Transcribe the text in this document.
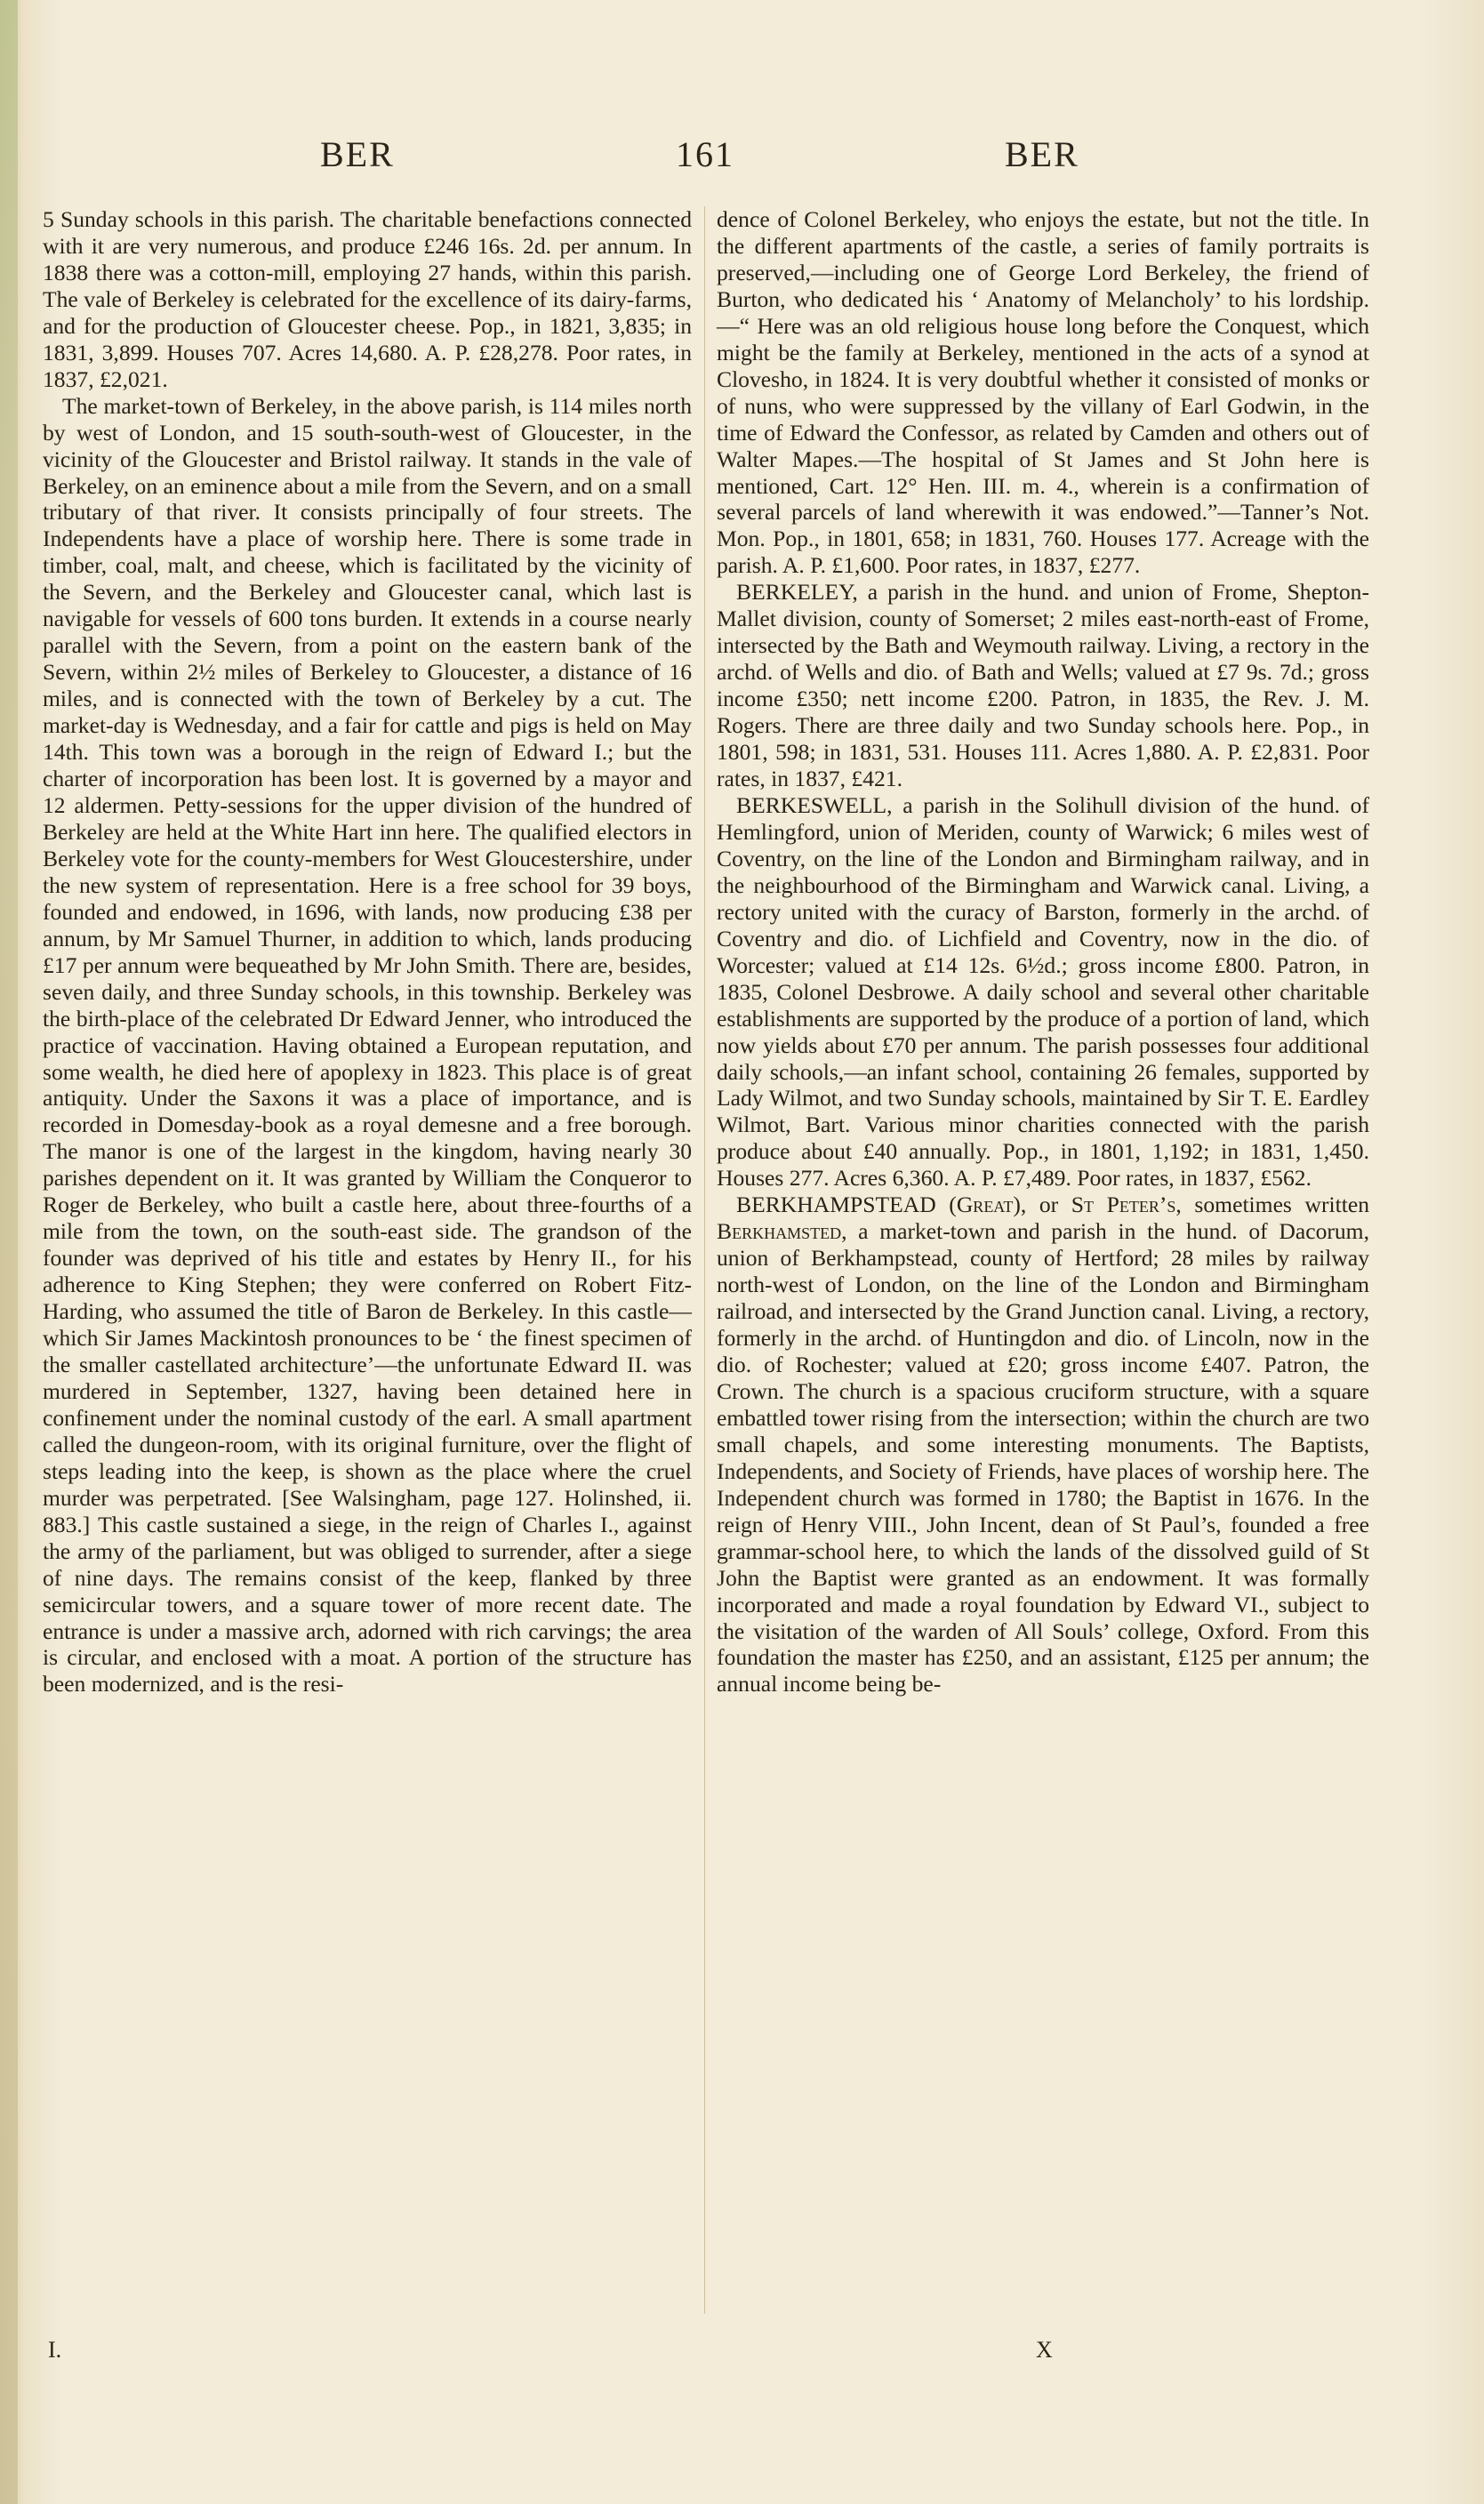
BER	161	BER

5 Sunday schools in this parish. The charitable benefactions connected with it are very numerous, and produce £246 16s. 2d. per annum. In 1838 there was a cotton-mill, employing 27 hands, within this parish. The vale of Berkeley is celebrated for the excellence of its dairy-farms, and for the production of Gloucester cheese. Pop., in 1821, 3,835; in 1831, 3,899. Houses 707. Acres 14,680. A. P. £28,278. Poor rates, in 1837, £2,021.

The market-town of Berkeley, in the above parish, is 114 miles north by west of London, and 15 south-south-west of Gloucester, in the vicinity of the Gloucester and Bristol railway. It stands in the vale of Berkeley, on an eminence about a mile from the Severn, and on a small tributary of that river. It consists principally of four streets. The Independents have a place of worship here. There is some trade in timber, coal, malt, and cheese, which is facilitated by the vicinity of the Severn, and the Berkeley and Gloucester canal, which last is navigable for vessels of 600 tons burden. It extends in a course nearly parallel with the Severn, from a point on the eastern bank of the Severn, within 2½ miles of Berkeley to Gloucester, a distance of 16 miles, and is connected with the town of Berkeley by a cut. The market-day is Wednesday, and a fair for cattle and pigs is held on May 14th. This town was a borough in the reign of Edward I.; but the charter of incorporation has been lost. It is governed by a mayor and 12 aldermen. Petty-sessions for the upper division of the hundred of Berkeley are held at the White Hart inn here. The qualified electors in Berkeley vote for the county-members for West Gloucestershire, under the new system of representation. Here is a free school for 39 boys, founded and endowed, in 1696, with lands, now producing £38 per annum, by Mr Samuel Thurner, in addition to which, lands producing £17 per annum were bequeathed by Mr John Smith. There are, besides, seven daily, and three Sunday schools, in this township. Berkeley was the birth-place of the celebrated Dr Edward Jenner, who introduced the practice of vaccination. Having obtained a European reputation, and some wealth, he died here of apoplexy in 1823. This place is of great antiquity. Under the Saxons it was a place of importance, and is recorded in Domesday-book as a royal demesne and a free borough. The manor is one of the largest in the kingdom, having nearly 30 parishes dependent on it. It was granted by William the Conqueror to Roger de Berkeley, who built a castle here, about three-fourths of a mile from the town, on the south-east side. The grandson of the founder was deprived of his title and estates by Henry II., for his adherence to King Stephen; they were conferred on Robert Fitz-Harding, who assumed the title of Baron de Berkeley. In this castle—which Sir James Mackintosh pronounces to be ‘ the finest specimen of the smaller castellated architecture’—the unfortunate Edward II. was murdered in September, 1327, having been detained here in confinement under the nominal custody of the earl. A small apartment called the dungeon-room, with its original furniture, over the flight of steps leading into the keep, is shown as the place where the cruel murder was perpetrated. [See Walsingham, page 127. Holinshed, ii. 883.] This castle sustained a siege, in the reign of Charles I., against the army of the parliament, but was obliged to surrender, after a siege of nine days. The remains consist of the keep, flanked by three semicircular towers, and a square tower of more recent date. The entrance is under a massive arch, adorned with rich carvings; the area is circular, and enclosed with a moat. A portion of the structure has been modernized, and is the resi-

dence of Colonel Berkeley, who enjoys the estate, but not the title. In the different apartments of the castle, a series of family portraits is preserved,—including one of George Lord Berkeley, the friend of Burton, who dedicated his ‘ Anatomy of Melancholy’ to his lordship.—“ Here was an old religious house long before the Conquest, which might be the family at Berkeley, mentioned in the acts of a synod at Clovesho, in 1824. It is very doubtful whether it consisted of monks or of nuns, who were suppressed by the villany of Earl Godwin, in the time of Edward the Confessor, as related by Camden and others out of Walter Mapes.—The hospital of St James and St John here is mentioned, Cart. 12° Hen. III. m. 4., wherein is a confirmation of several parcels of land wherewith it was endowed.”—Tanner’s Not. Mon. Pop., in 1801, 658; in 1831, 760. Houses 177. Acreage with the parish. A. P. £1,600. Poor rates, in 1837, £277.

BERKELEY, a parish in the hund. and union of Frome, Shepton-Mallet division, county of Somerset; 2 miles east-north-east of Frome, intersected by the Bath and Weymouth railway. Living, a rectory in the archd. of Wells and dio. of Bath and Wells; valued at £7 9s. 7d.; gross income £350; nett income £200. Patron, in 1835, the Rev. J. M. Rogers. There are three daily and two Sunday schools here. Pop., in 1801, 598; in 1831, 531. Houses 111. Acres 1,880. A. P. £2,831. Poor rates, in 1837, £421.

BERKESWELL, a parish in the Solihull division of the hund. of Hemlingford, union of Meriden, county of Warwick; 6 miles west of Coventry, on the line of the London and Birmingham railway, and in the neighbourhood of the Birmingham and Warwick canal. Living, a rectory united with the curacy of Barston, formerly in the archd. of Coventry and dio. of Lichfield and Coventry, now in the dio. of Worcester; valued at £14 12s. 6½d.; gross income £800. Patron, in 1835, Colonel Desbrowe. A daily school and several other charitable establishments are supported by the produce of a portion of land, which now yields about £70 per annum. The parish possesses four additional daily schools,—an infant school, containing 26 females, supported by Lady Wilmot, and two Sunday schools, maintained by Sir T. E. Eardley Wilmot, Bart. Various minor charities connected with the parish produce about £40 annually. Pop., in 1801, 1,192; in 1831, 1,450. Houses 277. Acres 6,360. A. P. £7,489. Poor rates, in 1837, £562.

BERKHAMPSTEAD (Great), or St Peter’s, sometimes written Berkhamsted, a market-town and parish in the hund. of Dacorum, union of Berkhampstead, county of Hertford; 28 miles by railway north-west of London, on the line of the London and Birmingham railroad, and intersected by the Grand Junction canal. Living, a rectory, formerly in the archd. of Huntingdon and dio. of Lincoln, now in the dio. of Rochester; valued at £20; gross income £407. Patron, the Crown. The church is a spacious cruciform structure, with a square embattled tower rising from the intersection; within the church are two small chapels, and some interesting monuments. The Baptists, Independents, and Society of Friends, have places of worship here. The Independent church was formed in 1780; the Baptist in 1676. In the reign of Henry VIII., John Incent, dean of St Paul’s, founded a free grammar-school here, to which the lands of the dissolved guild of St John the Baptist were granted as an endowment. It was formally incorporated and made a royal foundation by Edward VI., subject to the visitation of the warden of All Souls’ college, Oxford. From this foundation the master has £250, and an assistant, £125 per annum; the annual income being be-

I.	X
